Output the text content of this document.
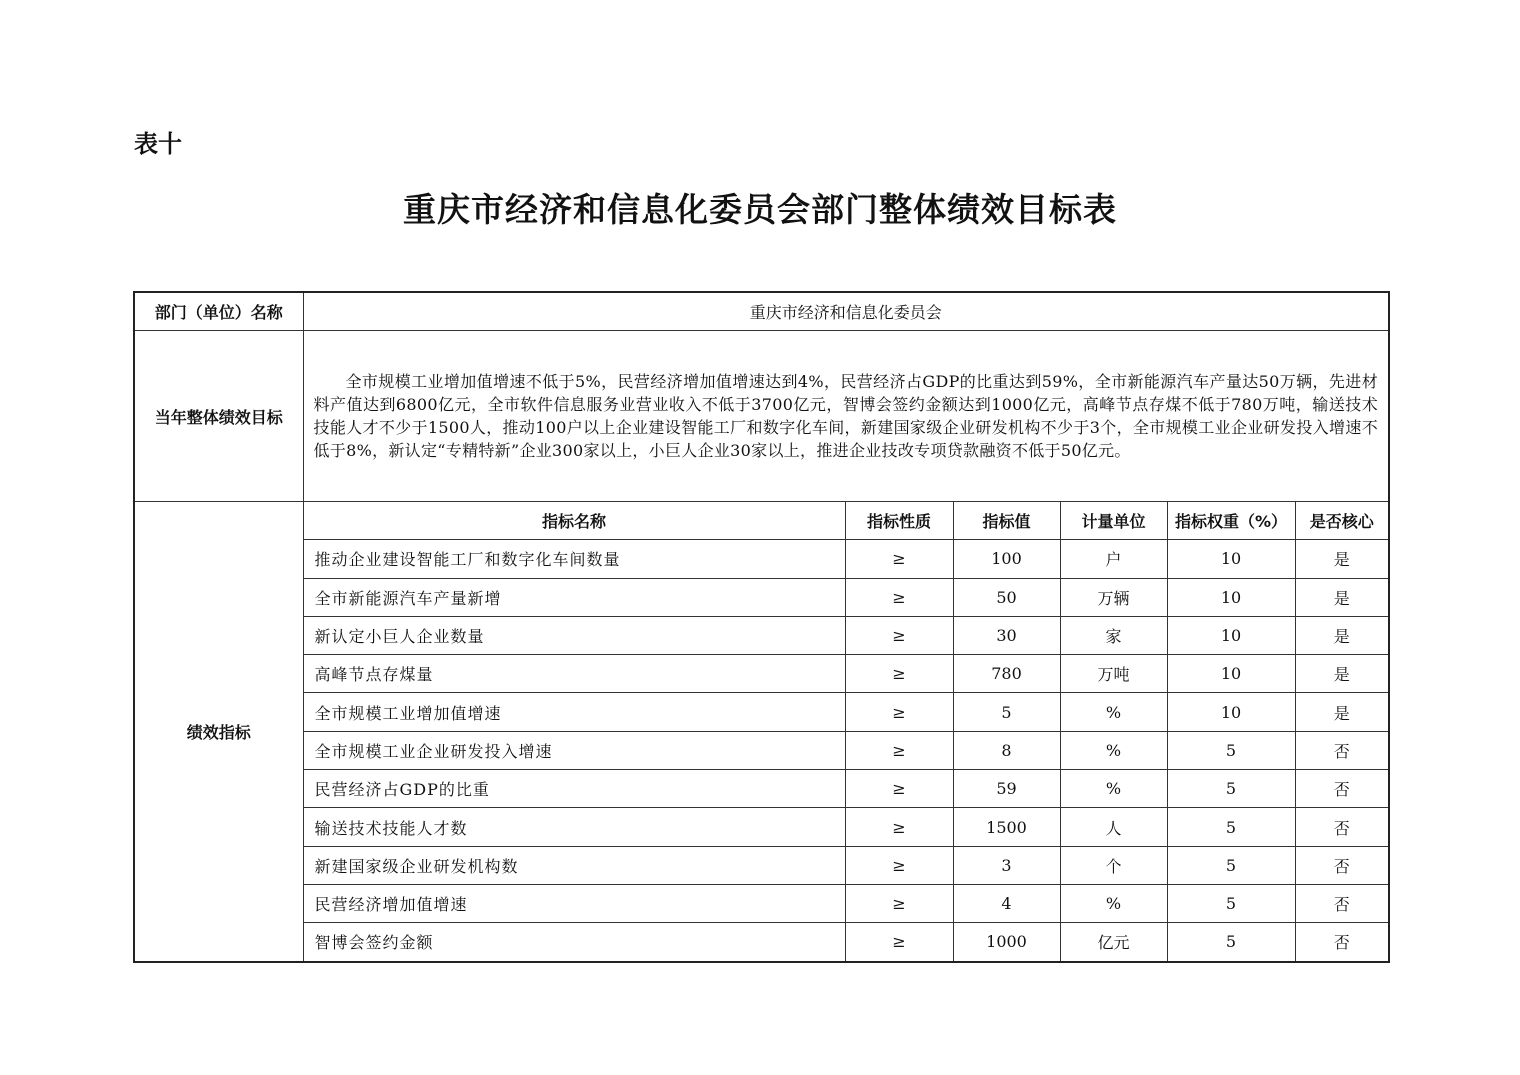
表十
重庆市经济和信息化委员会部门整体绩效目标表
部门（单位）名称	重庆市经济和信息化委员会					
当年整体绩效目标	全市规模工业增加值增速不低于5%，民营经济增加值增速达到4%，民营经济占GDP的比重达到59%，全市新能源汽车产量达50万辆，先进材料产值达到6800亿元，全市软件信息服务业营业收入不低于3700亿元，智博会签约金额达到1000亿元，高峰节点存煤不低于780万吨，输送技术技能人才不少于1500人，推动100户以上企业建设智能工厂和数字化车间，新建国家级企业研发机构不少于3个，全市规模工业企业研发投入增速不低于8%，新认定“专精特新”企业300家以上，小巨人企业30家以上，推进企业技改专项贷款融资不低于50亿元。					
绩效指标	指标名称	指标性质	指标值	计量单位	指标权重（%）	是否核心
	推动企业建设智能工厂和数字化车间数量	≥	100	户	10	是
	全市新能源汽车产量新增	≥	50	万辆	10	是
	新认定小巨人企业数量	≥	30	家	10	是
	高峰节点存煤量	≥	780	万吨	10	是
	全市规模工业增加值增速	≥	5	%	10	是
	全市规模工业企业研发投入增速	≥	8	%	5	否
	民营经济占GDP的比重	≥	59	%	5	否
	输送技术技能人才数	≥	1500	人	5	否
	新建国家级企业研发机构数	≥	3	个	5	否
	民营经济增加值增速	≥	4	%	5	否
	智博会签约金额	≥	1000	亿元	5	否
